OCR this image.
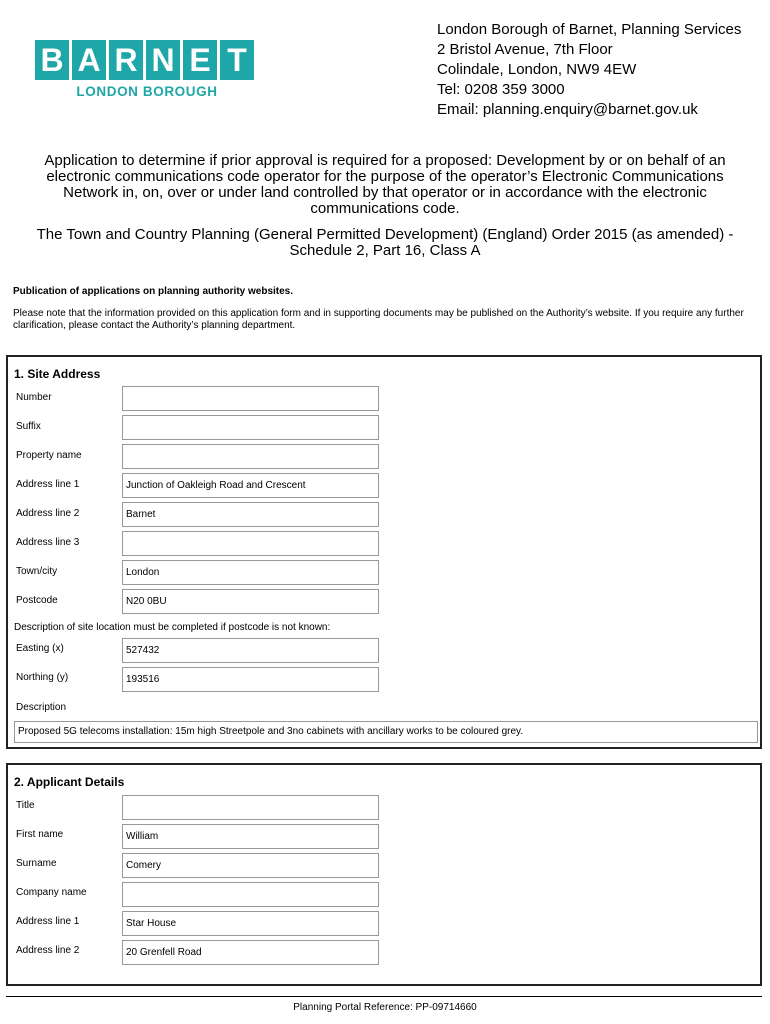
B A R N E T
LONDON BOROUGH
London Borough of Barnet, Planning Services
2 Bristol Avenue, 7th Floor
Colindale, London, NW9 4EW
Tel: 0208 359 3000
Email: planning.enquiry@barnet.gov.uk
Application to determine if prior approval is required for a proposed: Development by or on behalf of an electronic communications code operator for the purpose of the operator’s Electronic Communications Network in, on, over or under land controlled by that operator or in accordance with the electronic communications code.
The Town and Country Planning (General Permitted Development) (England) Order 2015 (as amended) - Schedule 2, Part 16, Class A
Publication of applications on planning authority websites.
Please note that the information provided on this application form and in supporting documents may be published on the Authority’s website. If you require any further clarification, please contact the Authority’s planning department.
1. Site Address
Number
Suffix
Property name
Address line 1	Junction of Oakleigh Road and Crescent
Address line 2	Barnet
Address line 3
Town/city	London
Postcode	N20 0BU
Description of site location must be completed if postcode is not known:
Easting (x)	527432
Northing (y)	193516
Description
Proposed 5G telecoms installation: 15m high Streetpole and 3no cabinets with ancillary works to be coloured grey.
2. Applicant Details
Title
First name	William
Surname	Comery
Company name
Address line 1	Star House
Address line 2	20 Grenfell Road
Planning Portal Reference: PP-09714660
